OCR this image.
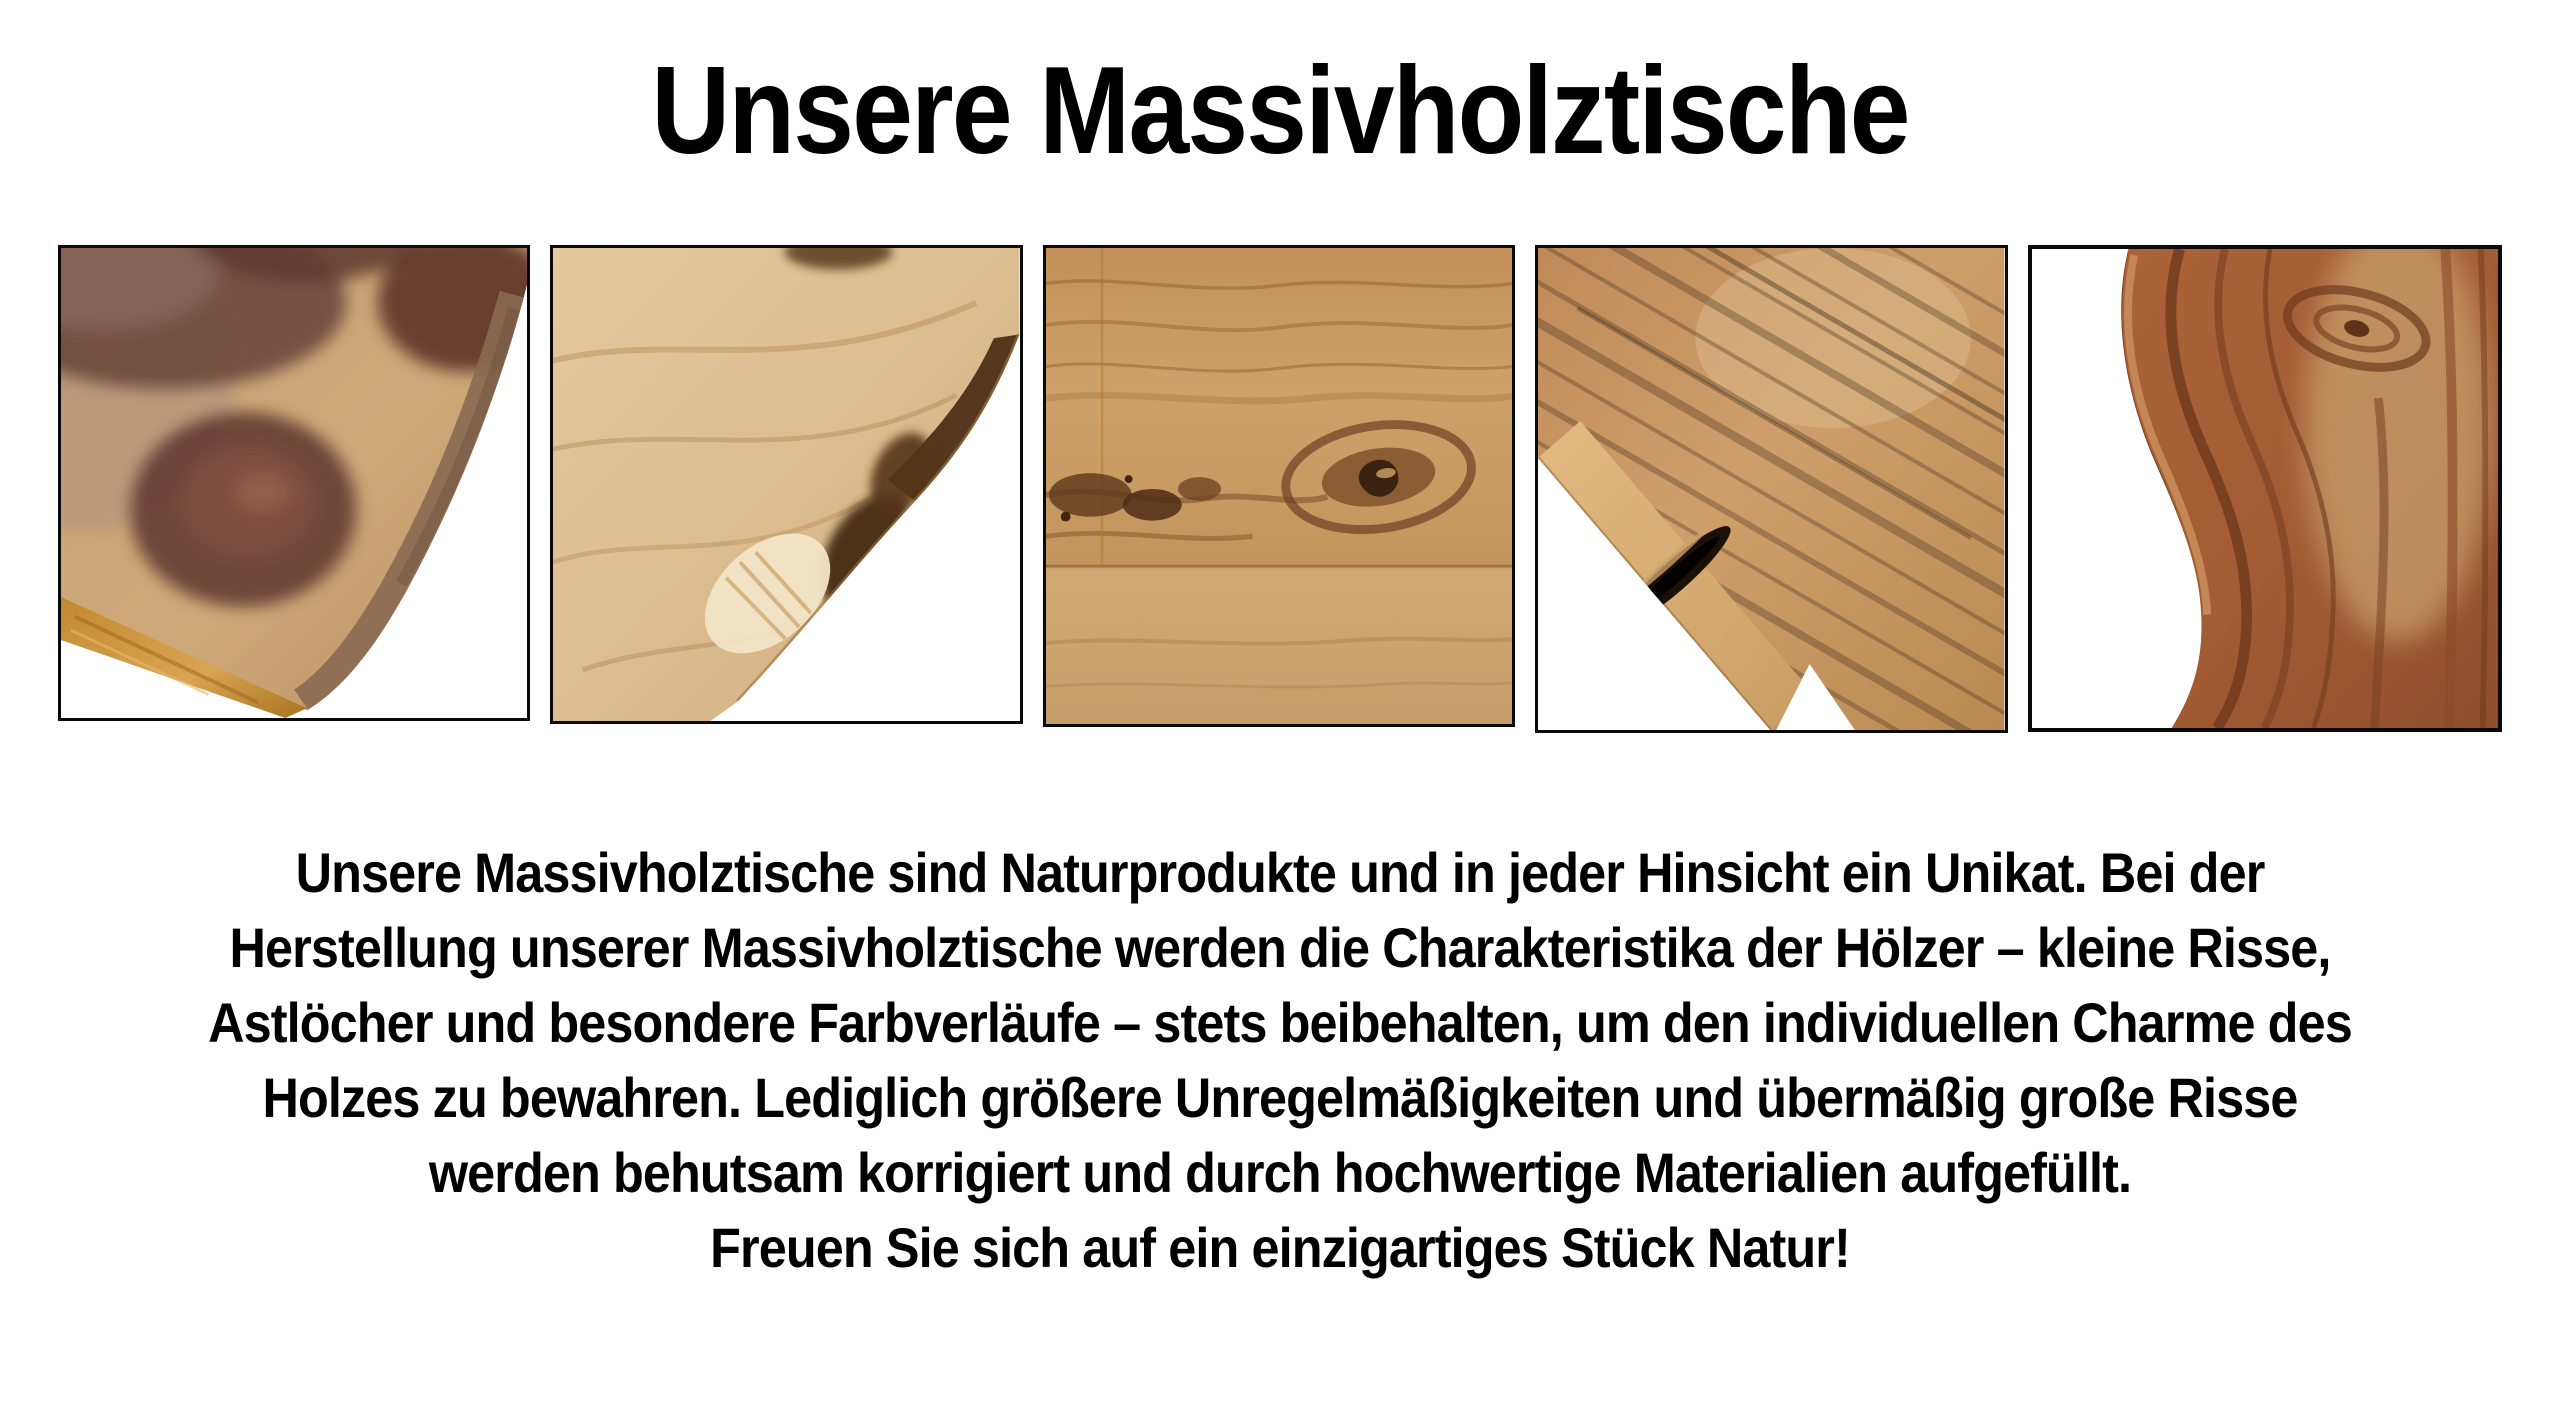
Unsere Massivholztische

Unsere Massivholztische sind Naturprodukte und in jeder Hinsicht ein Unikat. Bei der

Herstellung unserer Massivholztische werden die Charakteristika der Hölzer – kleine Risse,

Astlöcher und besondere Farbverläufe – stets beibehalten, um den individuellen Charme des

Holzes zu bewahren. Lediglich größere Unregelmäßigkeiten und übermäßig große Risse

werden behutsam korrigiert und durch hochwertige Materialien aufgefüllt.

Freuen Sie sich auf ein einzigartiges Stück Natur!
